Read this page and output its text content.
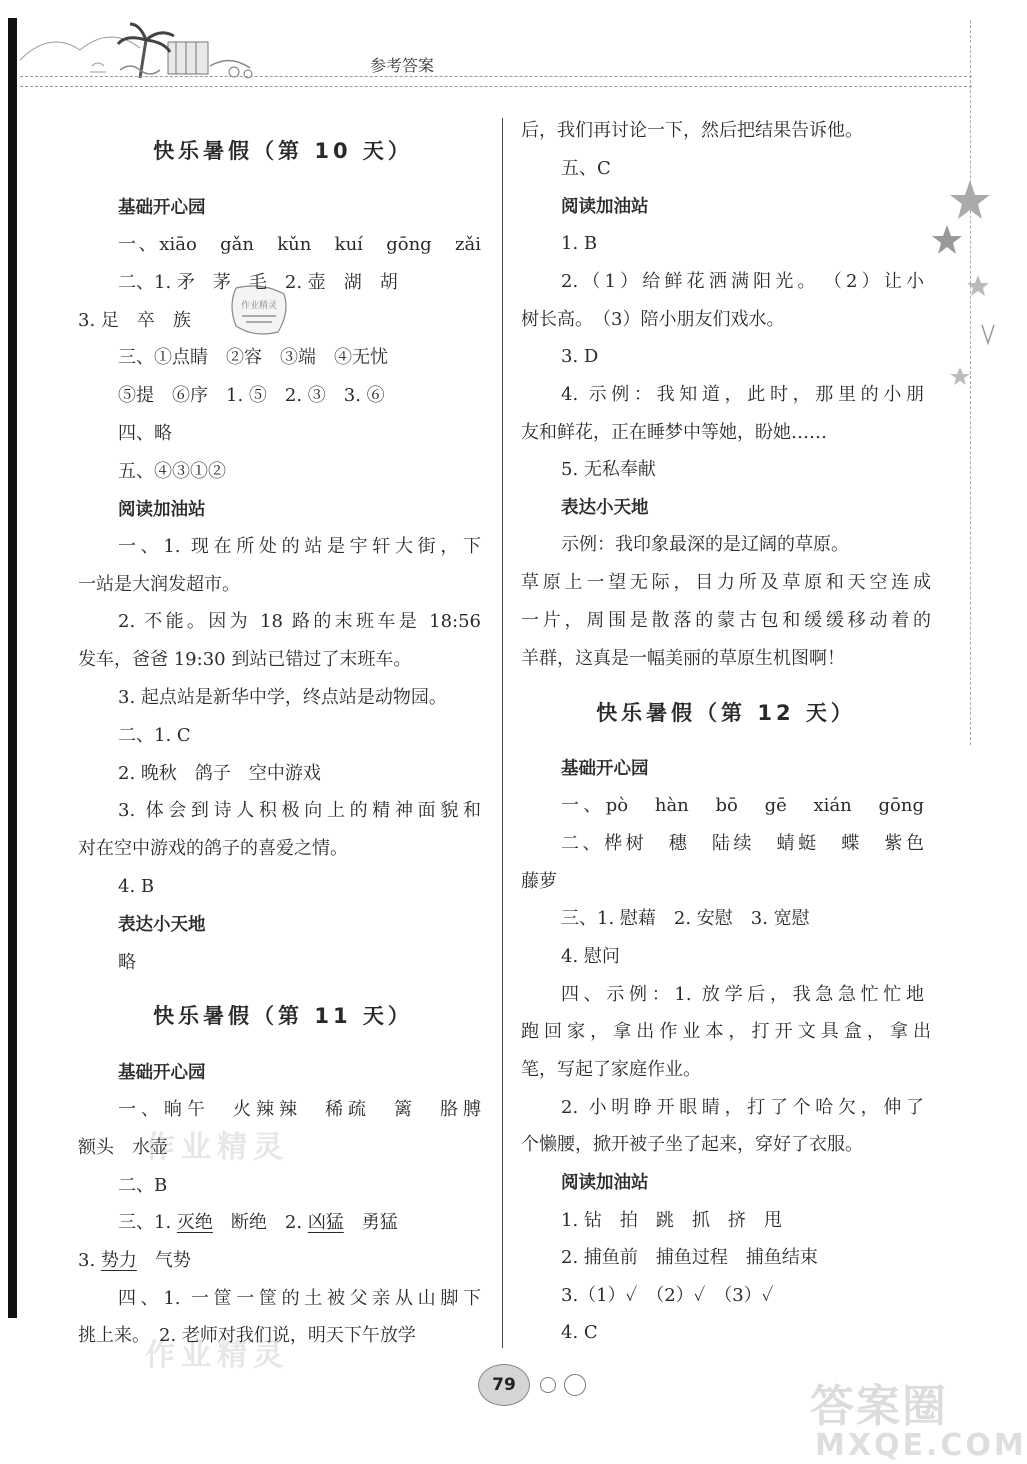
参考答案
作业精灵
作业精灵
作业精灵
答案圈
MXQE.COM
快乐暑假（第 10 天）
基础开心园
一、xiāo　gǎn　kǔn　kuí　gōng　zǎi
二、1. 矛　茅　毛　2. 壶　湖　胡
3. 足　卒　族
三、①点睛　②容　③端　④无忧
⑤提　⑥序　1. ⑤　2. ③　3. ⑥
四、略
五、④③①②
阅读加油站
一、1. 现在所处的站是宇轩大街，下
一站是大润发超市。
2. 不能。因为 18 路的末班车是 18:56
发车，爸爸 19:30 到站已错过了末班车。
3. 起点站是新华中学，终点站是动物园。
二、1. C
2. 晚秋　鸽子　空中游戏
3. 体会到诗人积极向上的精神面貌和
对在空中游戏的鸽子的喜爱之情。
4. B
表达小天地
略
快乐暑假（第 11 天）
基础开心园
一、晌午　火辣辣　稀疏　篱　胳膊
额头　水壶
二、B
三、1. 灭绝　断绝　2. 凶猛　勇猛
3. 势力　气势
四、1. 一筐一筐的土被父亲从山脚下
挑上来。　2. 老师对我们说，明天下午放学
后，我们再讨论一下，然后把结果告诉他。
五、C
阅读加油站
1. B
2.（1）给鲜花洒满阳光。　（2）让小
树长高。　（3）陪小朋友们戏水。
3. D
4. 示例：我知道，此时，那里的小朋
友和鲜花，正在睡梦中等她，盼她……
5. 无私奉献
表达小天地
示例：我印象最深的是辽阔的草原。
草原上一望无际，目力所及草原和天空连成
一片，周围是散落的蒙古包和缓缓移动着的
羊群，这真是一幅美丽的草原生机图啊！
快乐暑假（第 12 天）
基础开心园
一、pò　hàn　bō　gē　xián　gōng
二、桦树　穗　陆续　蜻蜓　蝶　紫色
藤萝
三、1. 慰藉　2. 安慰　3. 宽慰
4. 慰问
四、示例：1. 放学后，我急急忙忙地
跑回家，拿出作业本，打开文具盒，拿出
笔，写起了家庭作业。
2. 小明睁开眼睛，打了个哈欠，伸了
个懒腰，掀开被子坐了起来，穿好了衣服。
阅读加油站
1. 钻　拍　跳　抓　挤　甩
2. 捕鱼前　捕鱼过程　捕鱼结束
3.（1）✓　（2）✓　（3）✓
4. C
79
